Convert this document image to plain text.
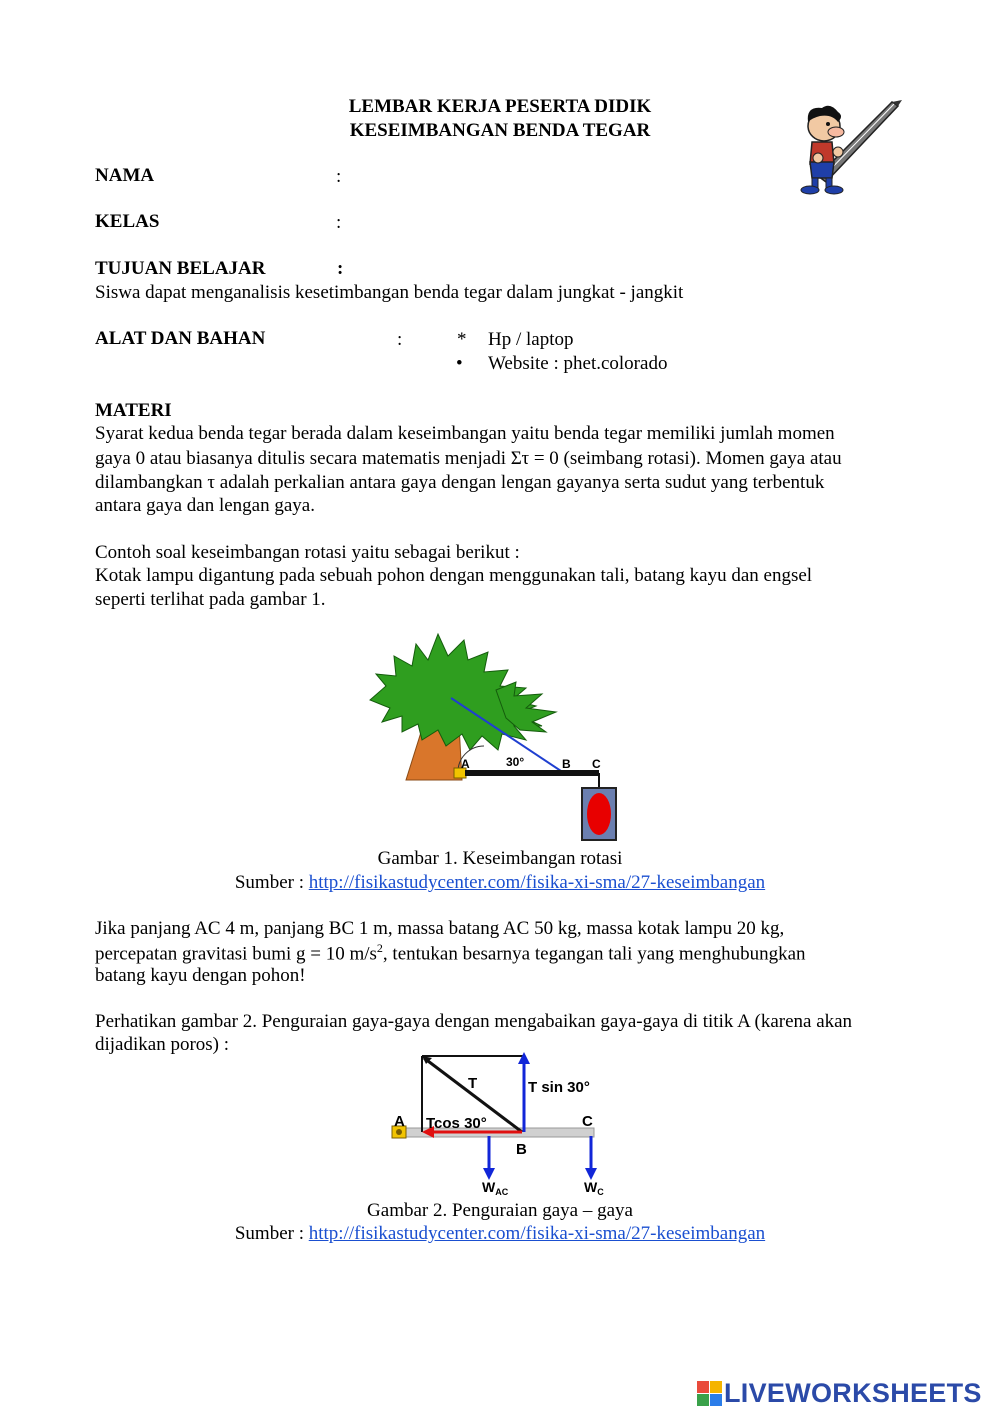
LEMBAR KERJA PESERTA DIDIK
KESEIMBANGAN BENDA TEGAR
NAMA	:
KELAS	:
TUJUAN BELAJAR	:
Siswa dapat menganalisis kesetimbangan benda tegar dalam jungkat - jangkit
ALAT DAN BAHAN	:	* Hp / laptop
• Website : phet.colorado
MATERI
Syarat kedua benda tegar berada dalam keseimbangan yaitu benda tegar memiliki jumlah momen
gaya 0 atau biasanya ditulis secara matematis menjadi Στ = 0 (seimbang rotasi). Momen gaya atau
dilambangkan τ adalah perkalian antara gaya dengan lengan gayanya serta sudut yang terbentuk
antara gaya dan lengan gaya.
Contoh soal keseimbangan rotasi yaitu sebagai berikut :
Kotak lampu digantung pada sebuah pohon dengan menggunakan tali, batang kayu dan engsel
seperti terlihat pada gambar 1.
A	30°	B C
Gambar 1. Keseimbangan rotasi
Sumber : http://fisikastudycenter.com/fisika-xi-sma/27-keseimbangan
Jika panjang AC 4 m, panjang BC 1 m, massa batang AC 50 kg, massa kotak lampu 20 kg,
percepatan gravitasi bumi g = 10 $m/s^2$, tentukan besarnya tegangan tali yang menghubungkan
batang kayu dengan pohon!
Perhatikan gambar 2. Penguraian gaya-gaya dengan mengabaikan gaya-gaya di titik A (karena akan
dijadikan poros) :
T	T sin 30°
Tcos 30°
A
B
C
$W_{AC}$	$W_C$
Gambar 2. Penguraian gaya – gaya
Sumber : http://fisikastudycenter.com/fisika-xi-sma/27-keseimbangan
LIVEWORKSHEETS
